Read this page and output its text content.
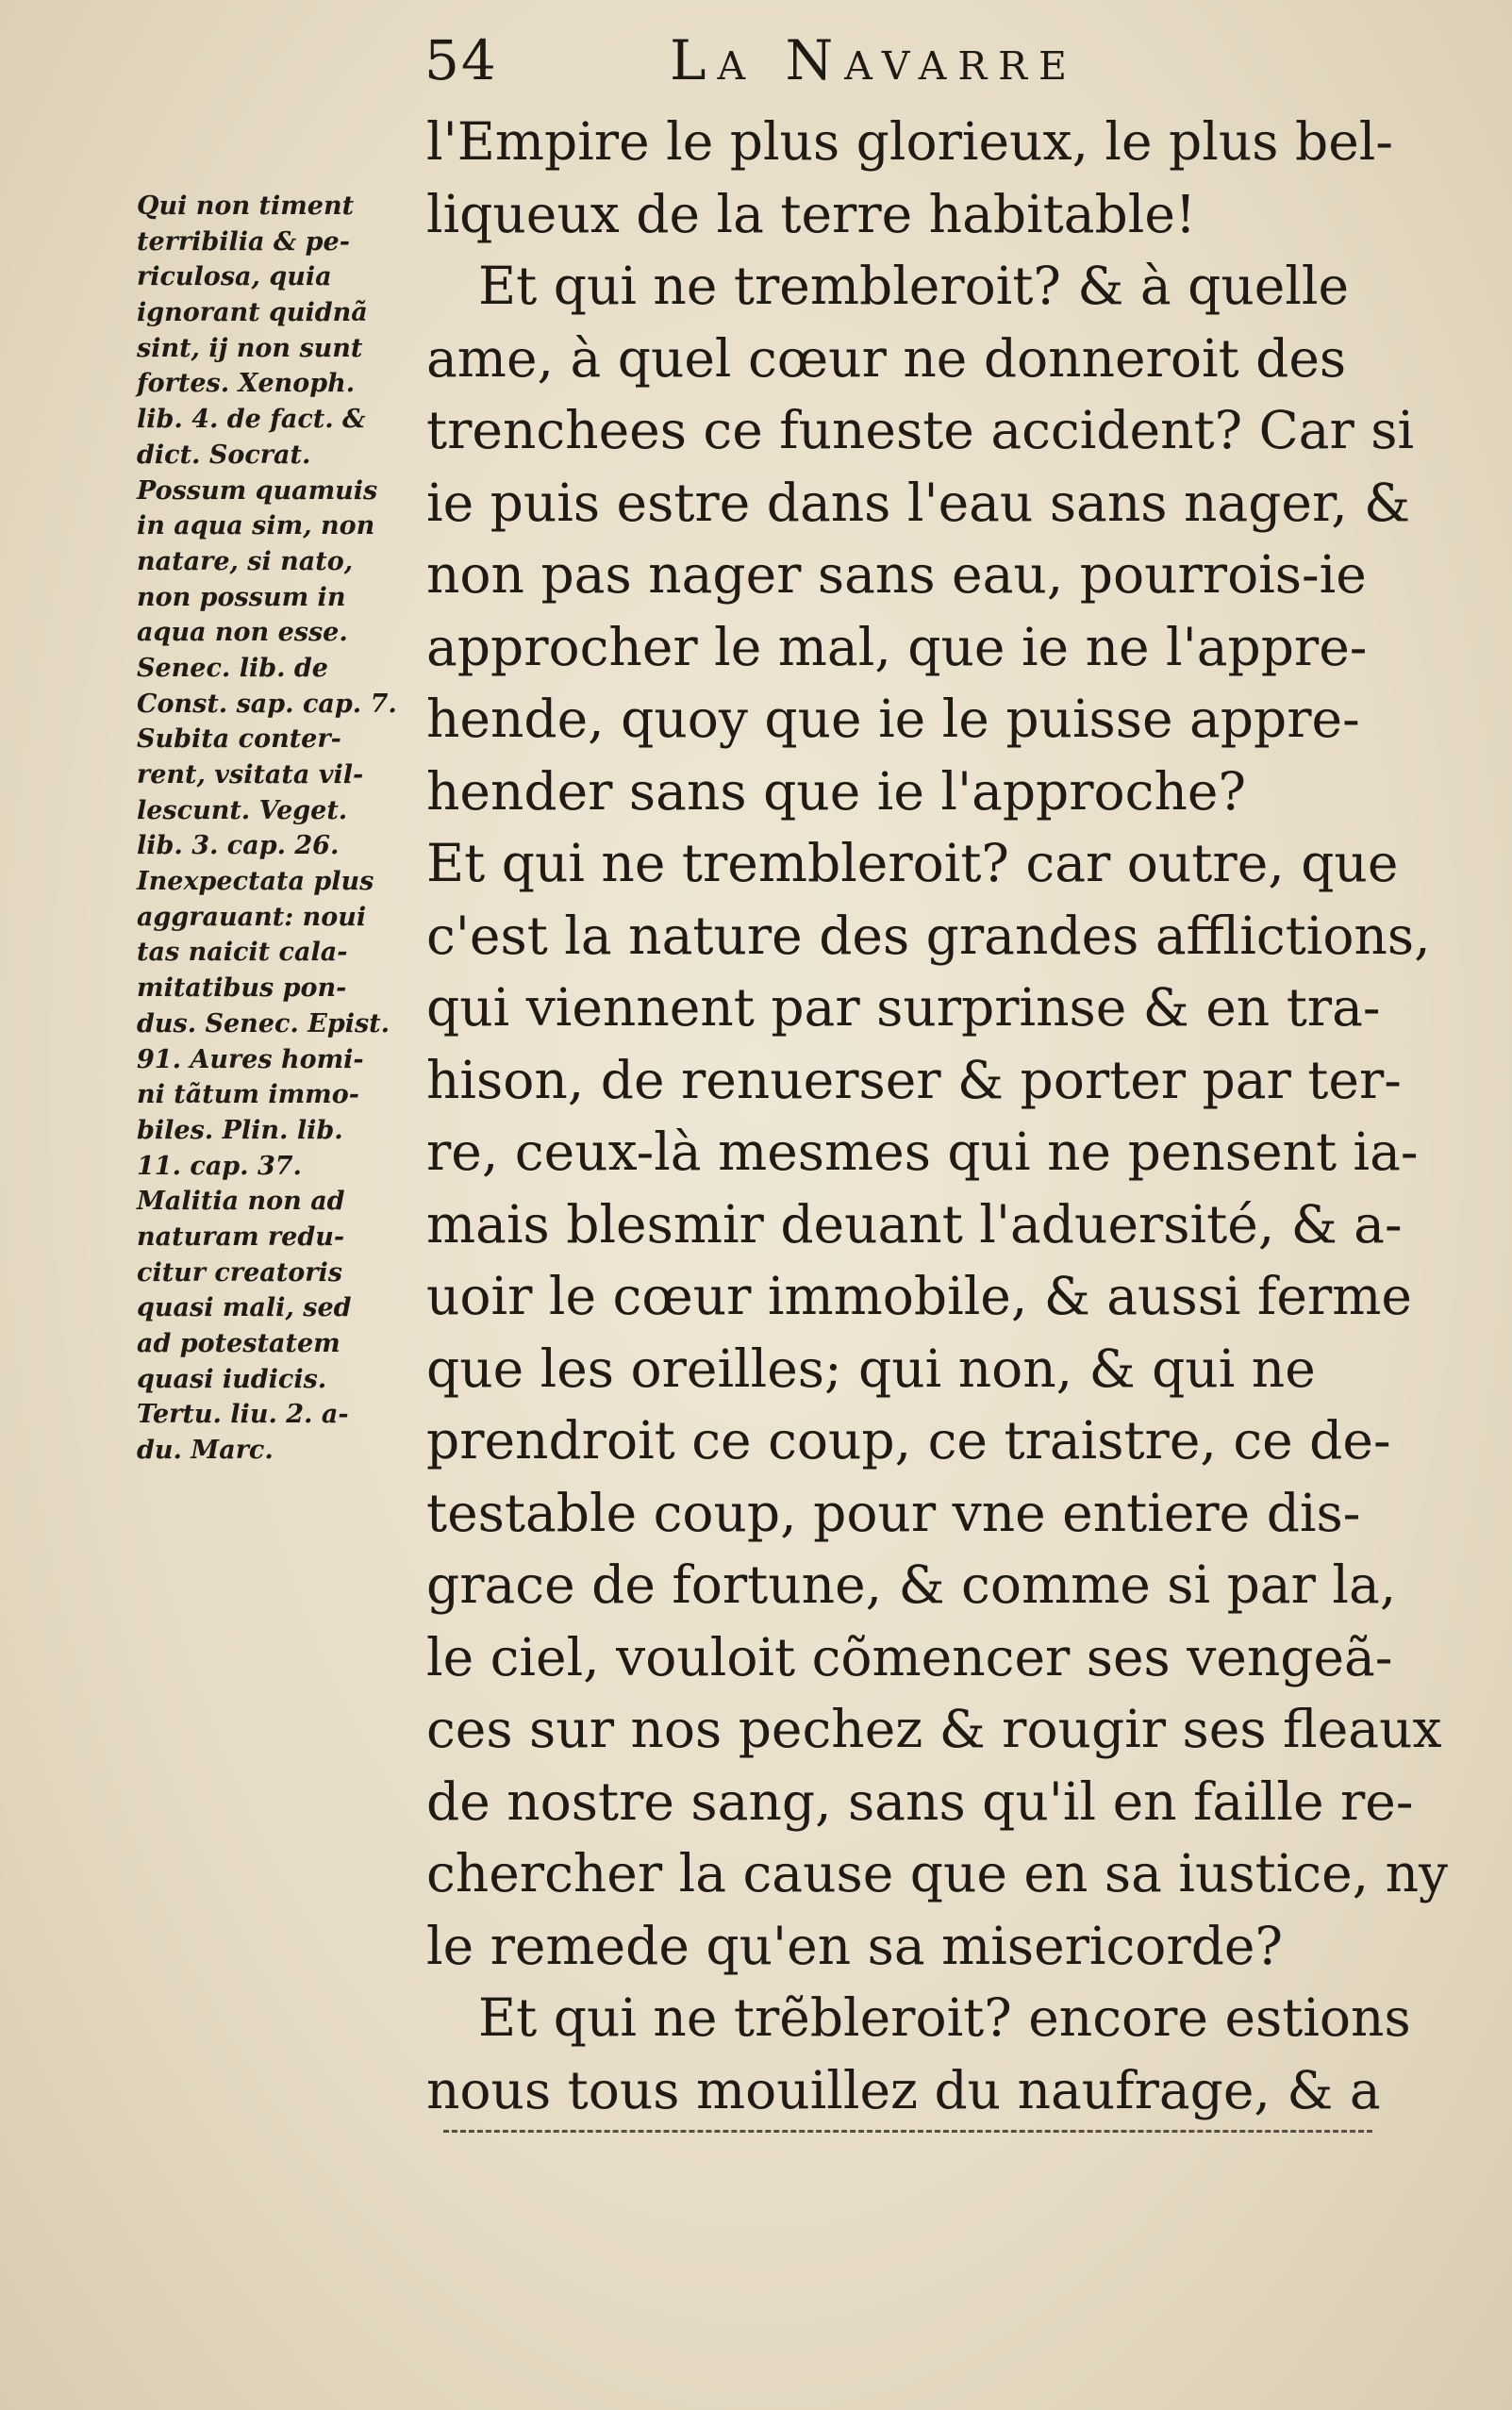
54	La Navarre
Qui non timent
terribilia & pe-
riculosa, quia
ignorant quidnã
sint, ij non sunt
fortes. Xenoph.
lib. 4. de fact. &
dict. Socrat.
Possum quamuis
in aqua sim, non
natare, si nato,
non possum in
aqua non esse.
Senec. lib. de
Const. sap. cap. 7.
Subita conter-
rent, vsitata vil-
lescunt. Veget.
lib. 3. cap. 26.
Inexpectata plus
aggrauant: noui
tas naicit cala-
mitatibus pon-
dus. Senec. Epist.
91. Aures homi-
ni tãtum immo-
biles. Plin. lib.
11. cap. 37.
Malitia non ad
naturam redu-
citur creatoris
quasi mali, sed
ad potestatem
quasi iudicis.
Tertu. liu. 2. a-
du. Marc.
l'Empire le plus glorieux, le plus bel-
liqueux de la terre habitable!
Et qui ne trembleroit? & à quelle
ame, à quel cœur ne donneroit des
trenchees ce funeste accident? Car si
ie puis estre dans l'eau sans nager, &
non pas nager sans eau, pourrois-ie
approcher le mal, que ie ne l'appre-
hende, quoy que ie le puisse appre-
hender sans que ie l'approche?
Et qui ne trembleroit? car outre, que
c'est la nature des grandes afflictions,
qui viennent par surprinse & en tra-
hison, de renuerser & porter par ter-
re, ceux-là mesmes qui ne pensent ia-
mais blesmir deuant l'aduersité, & a-
uoir le cœur immobile, & aussi ferme
que les oreilles; qui non, & qui ne
prendroit ce coup, ce traistre, ce de-
testable coup, pour vne entiere dis-
grace de fortune, & comme si par la,
le ciel, vouloit cõmencer ses vengeã-
ces sur nos pechez & rougir ses fleaux
de nostre sang, sans qu'il en faille re-
chercher la cause que en sa iustice, ny
le remede qu'en sa misericorde?
Et qui ne trẽbleroit? encore estions
nous tous mouillez du naufrage, & a
